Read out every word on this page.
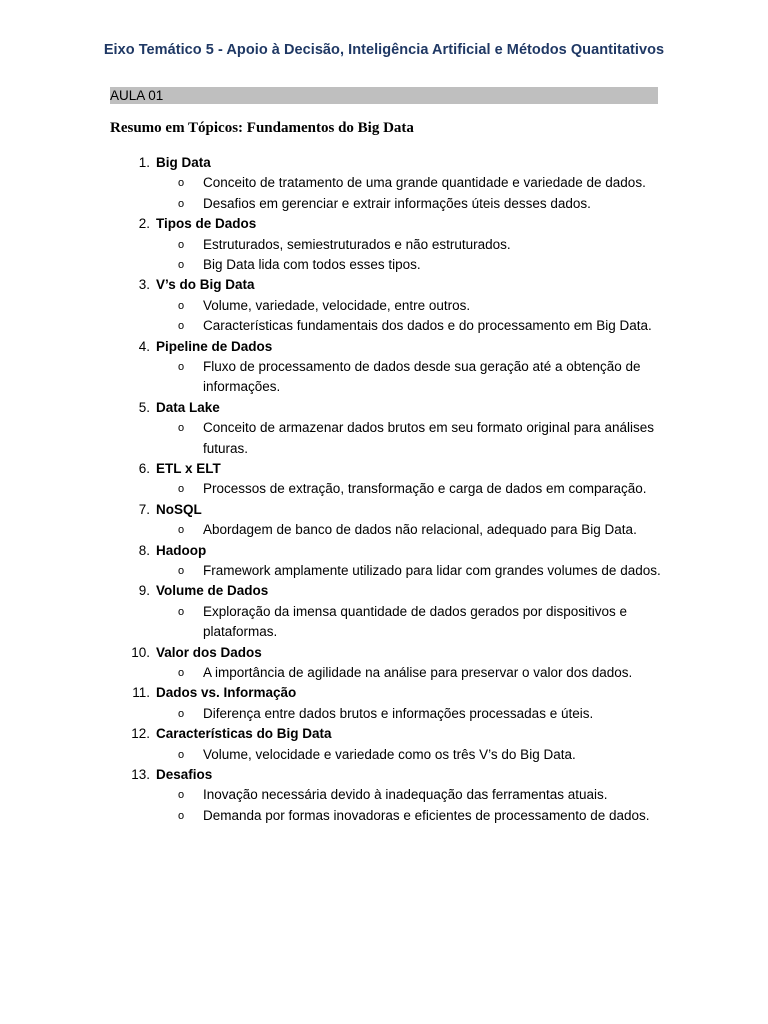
Eixo Temático 5 - Apoio à Decisão, Inteligência Artificial e Métodos Quantitativos
AULA 01
Resumo em Tópicos: Fundamentos do Big Data
1. Big Data
o Conceito de tratamento de uma grande quantidade e variedade de dados.
o Desafios em gerenciar e extrair informações úteis desses dados.
2. Tipos de Dados
o Estruturados, semiestruturados e não estruturados.
o Big Data lida com todos esses tipos.
3. V’s do Big Data
o Volume, variedade, velocidade, entre outros.
o Características fundamentais dos dados e do processamento em Big Data.
4. Pipeline de Dados
o Fluxo de processamento de dados desde sua geração até a obtenção de informações.
5. Data Lake
o Conceito de armazenar dados brutos em seu formato original para análises futuras.
6. ETL x ELT
o Processos de extração, transformação e carga de dados em comparação.
7. NoSQL
o Abordagem de banco de dados não relacional, adequado para Big Data.
8. Hadoop
o Framework amplamente utilizado para lidar com grandes volumes de dados.
9. Volume de Dados
o Exploração da imensa quantidade de dados gerados por dispositivos e plataformas.
10. Valor dos Dados
o A importância de agilidade na análise para preservar o valor dos dados.
11. Dados vs. Informação
o Diferença entre dados brutos e informações processadas e úteis.
12. Características do Big Data
o Volume, velocidade e variedade como os três V’s do Big Data.
13. Desafios
o Inovação necessária devido à inadequação das ferramentas atuais.
o Demanda por formas inovadoras e eficientes de processamento de dados.
